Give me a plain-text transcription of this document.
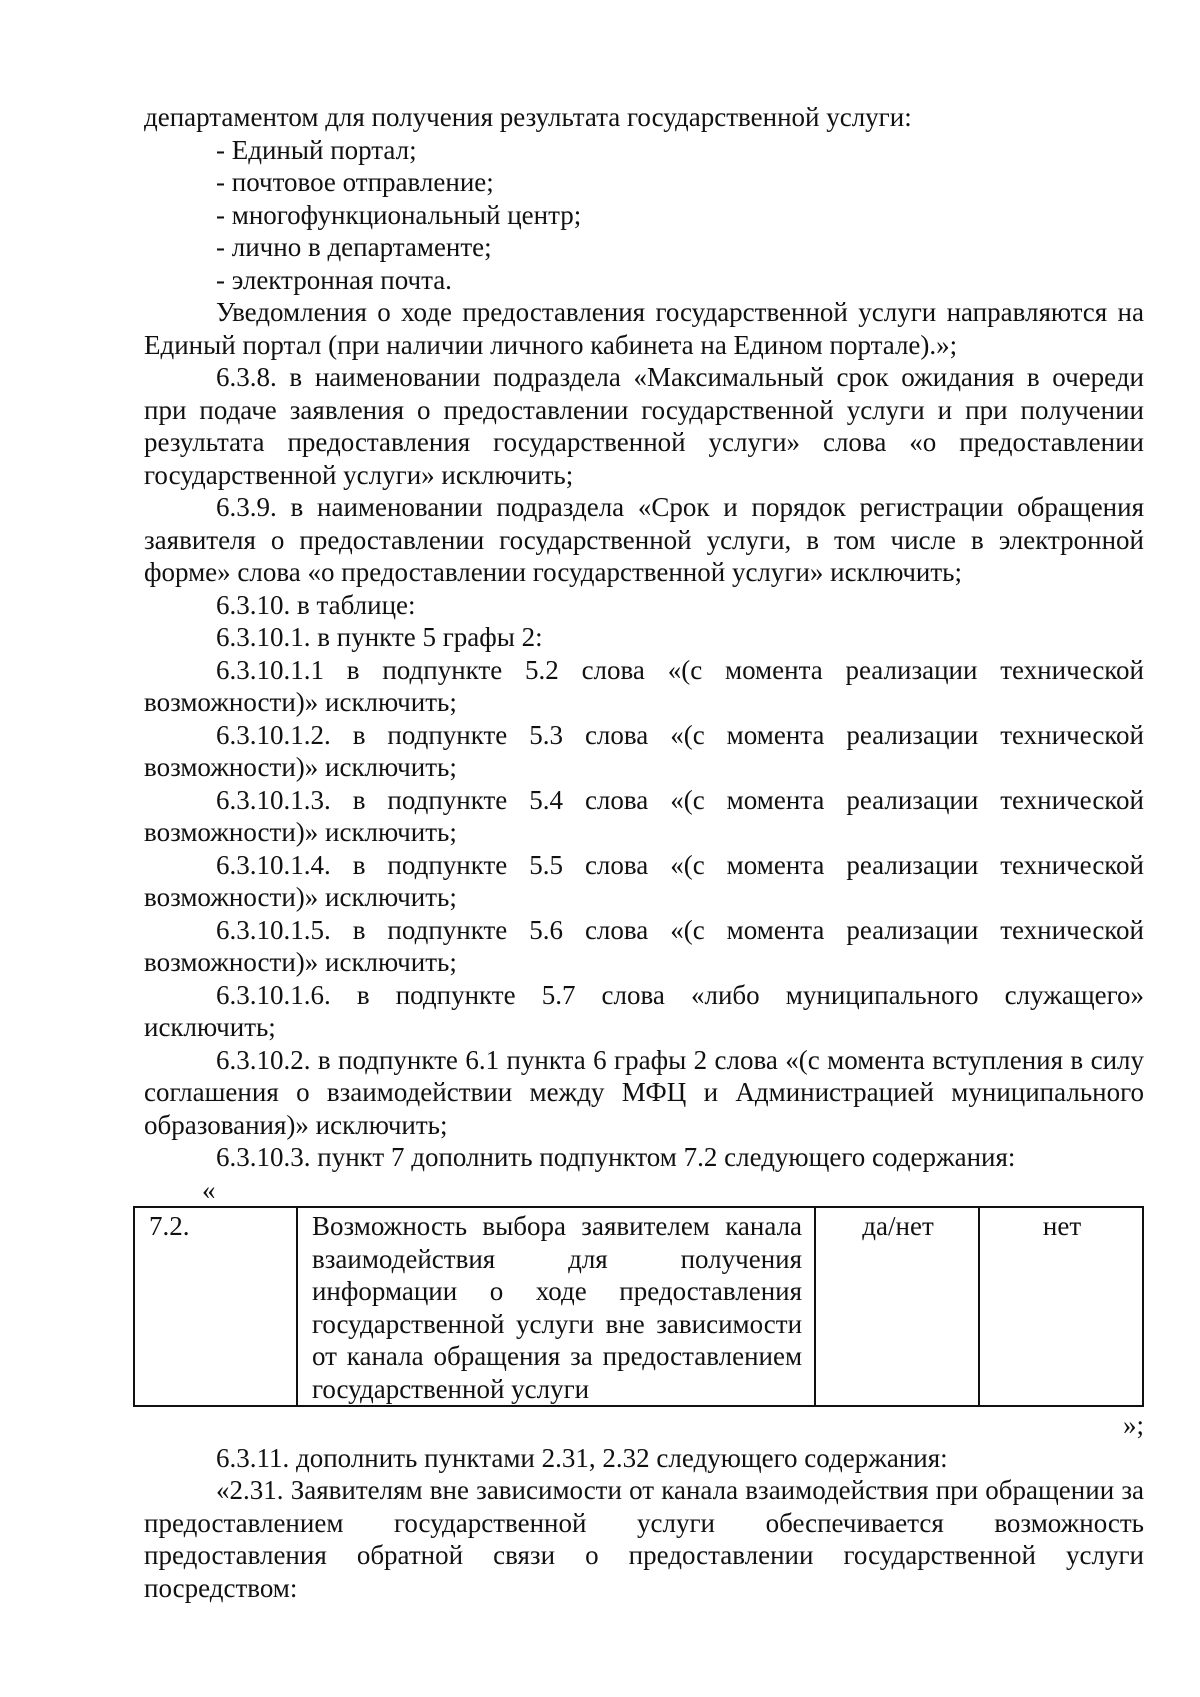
департаментом для получения результата государственной услуги:

- Единый портал;

- почтовое отправление;

- многофункциональный центр;

- лично в департаменте;

- электронная почта.

Уведомления о ходе предоставления государственной услуги направляются на Единый портал (при наличии личного кабинета на Едином портале).»;

6.3.8. в наименовании подраздела «Максимальный срок ожидания в очереди при подаче заявления о предоставлении государственной услуги и при получении результата предоставления государственной услуги» слова «о предоставлении государственной услуги» исключить;

6.3.9. в наименовании подраздела «Срок и порядок регистрации обращения заявителя о предоставлении государственной услуги, в том числе в электронной форме» слова «о предоставлении государственной услуги» исключить;

6.3.10. в таблице:

6.3.10.1. в пункте 5 графы 2:

6.3.10.1.1 в подпункте 5.2 слова «(с момента реализации технической возможности)» исключить;

6.3.10.1.2. в подпункте 5.3 слова «(с момента реализации технической возможности)» исключить;

6.3.10.1.3. в подпункте 5.4 слова «(с момента реализации технической возможности)» исключить;

6.3.10.1.4. в подпункте 5.5 слова «(с момента реализации технической возможности)» исключить;

6.3.10.1.5. в подпункте 5.6 слова «(с момента реализации технической возможности)» исключить;

6.3.10.1.6. в подпункте 5.7 слова «либо муниципального служащего» исключить;

6.3.10.2. в подпункте 6.1 пункта 6 графы 2 слова «(с момента вступления в силу соглашения о взаимодействии между МФЦ и Администрацией муниципального образования)» исключить;

6.3.10.3. пункт 7 дополнить подпунктом 7.2 следующего содержания:

«

7.2.	Возможность выбора заявителем канала взаимодействия для получения информации о ходе предоставления государственной услуги вне зависимости от канала обращения за предоставлением государственной услуги	да/нет	нет

»;

6.3.11. дополнить пунктами 2.31, 2.32 следующего содержания:

«2.31. Заявителям вне зависимости от канала взаимодействия при обращении за предоставлением государственной услуги обеспечивается возможность предоставления обратной связи о предоставлении государственной услуги посредством:
